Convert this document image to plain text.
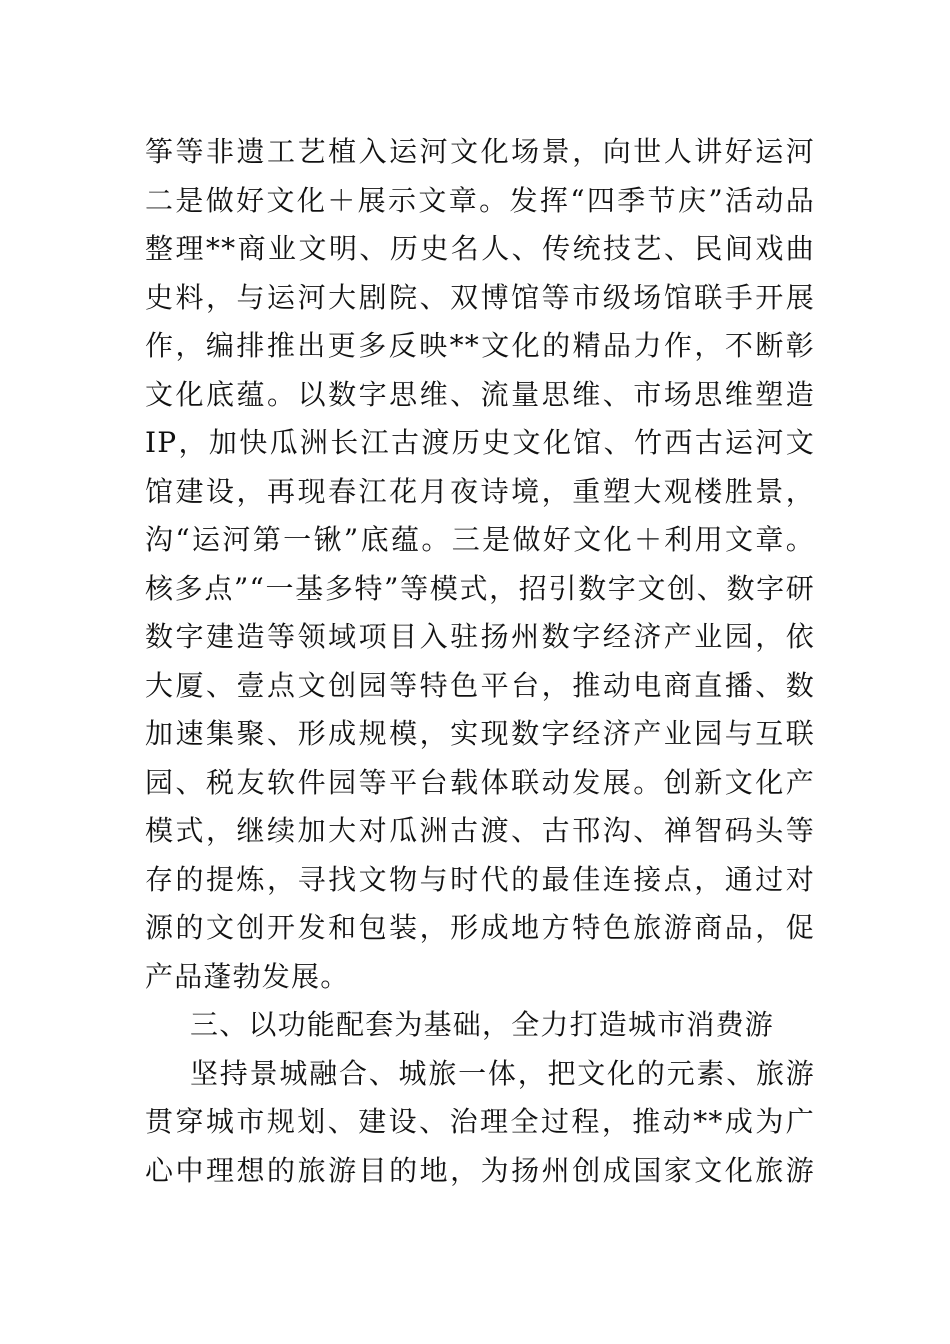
筝等非遗工艺植入运河文化场景，向世人讲好运河
二是做好文化＋展示文章。发挥“四季节庆”活动品
整理**商业文明、历史名人、传统技艺、民间戏曲
史料，与运河大剧院、双博馆等市级场馆联手开展
作，编排推出更多反映**文化的精品力作，不断彰
文化底蕴。以数字思维、流量思维、市场思维塑造
IP，加快瓜洲长江古渡历史文化馆、竹西古运河文
馆建设，再现春江花月夜诗境，重塑大观楼胜景，
沟“运河第一锹”底蕴。三是做好文化＋利用文章。
核多点”“一基多特”等模式，招引数字文创、数字研
数字建造等领域项目入驻扬州数字经济产业园，依
大厦、壹点文创园等特色平台，推动电商直播、数
加速集聚、形成规模，实现数字经济产业园与互联
园、税友软件园等平台载体联动发展。创新文化产
模式，继续加大对瓜洲古渡、古邗沟、禅智码头等
存的提炼，寻找文物与时代的最佳连接点，通过对
源的文创开发和包装，形成地方特色旅游商品，促
产品蓬勃发展。
三、以功能配套为基础，全力打造城市消费游
坚持景城融合、城旅一体，把文化的元素、旅游
贯穿城市规划、建设、治理全过程，推动**成为广
心中理想的旅游目的地，为扬州创成国家文化旅游
